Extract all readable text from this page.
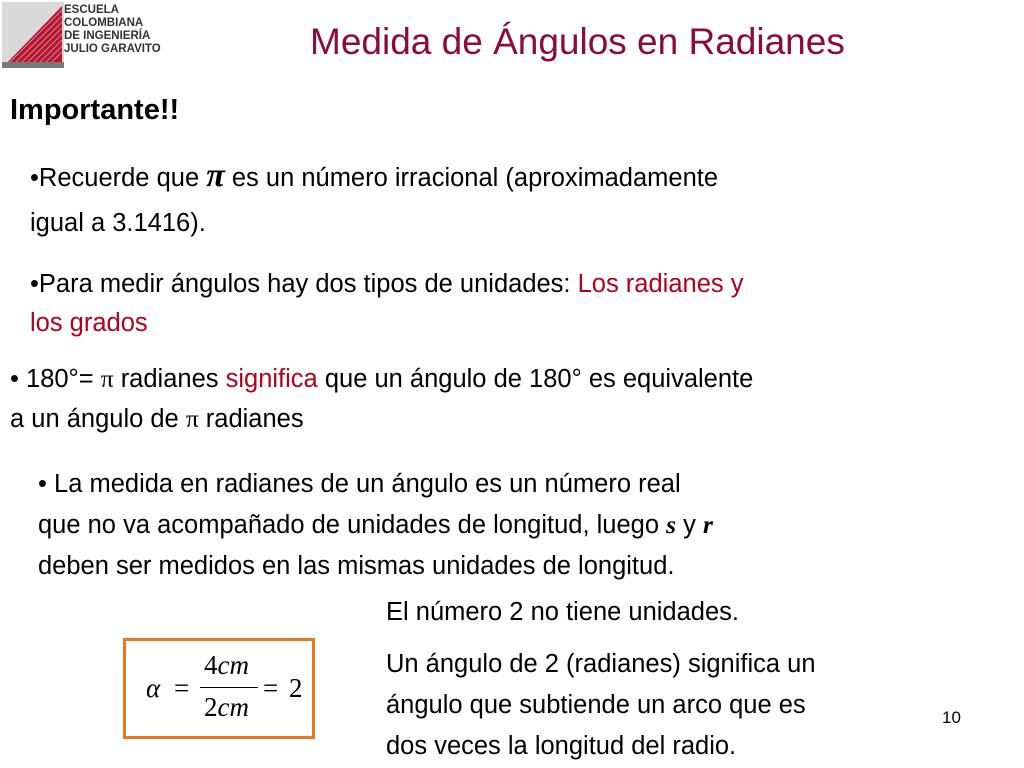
ESCUELA
COLOMBIANA
DE INGENIERÍA
JULIO GARAVITO	Medida de Ángulos en Radianes
Importante!!
•Recuerde que π es un número irracional (aproximadamente
igual a 3.1416).
•Para medir ángulos hay dos tipos de unidades: Los radianes y
los grados
• 180°= π radianes significa que un ángulo de 180° es equivalente
a un ángulo de π radianes
• La medida en radianes de un ángulo es un número real
que no va acompañado de unidades de longitud, luego s y r
deben ser medidos en las mismas unidades de longitud.
El número 2 no tiene unidades.
Un ángulo de 2 (radianes) significa un
ángulo que subtiende un arco que es
dos veces la longitud del radio.
α =
4cm
2cm
= 2
10
